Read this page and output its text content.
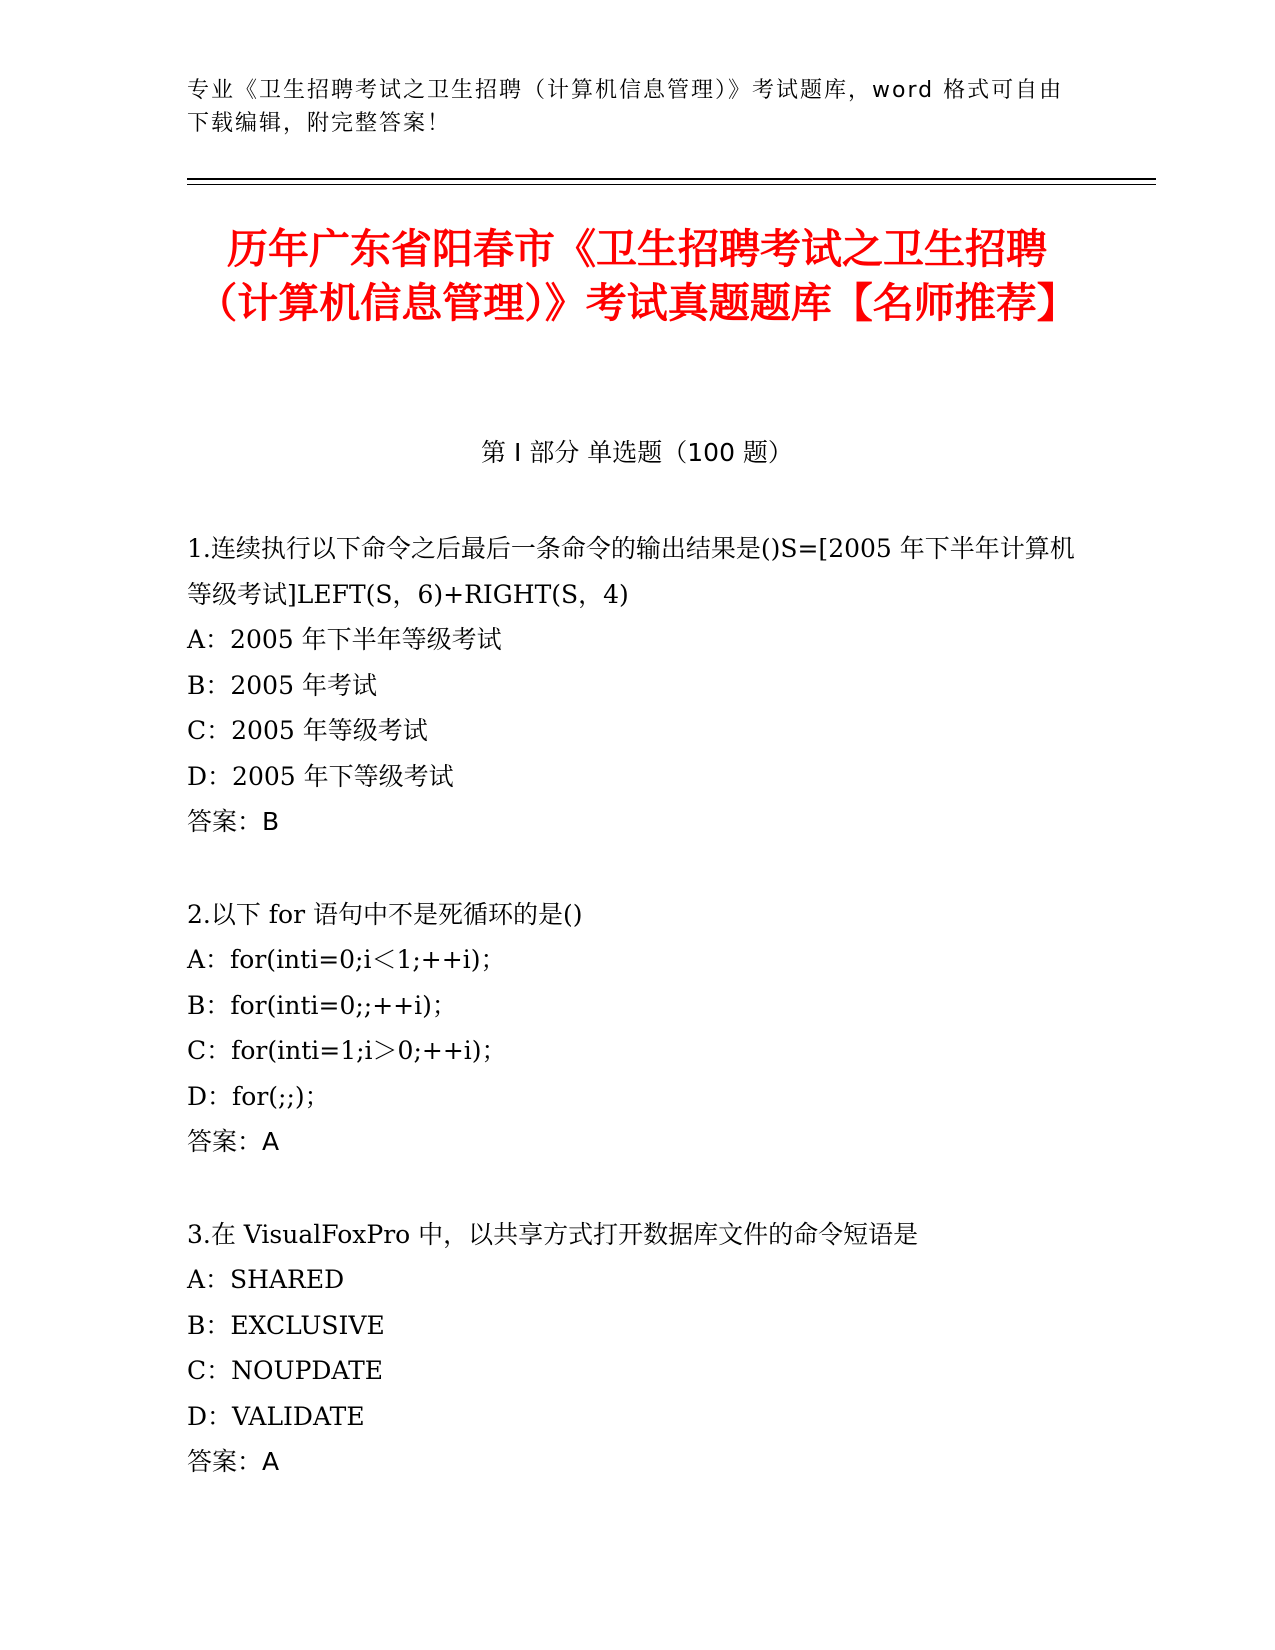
专业《卫生招聘考试之卫生招聘（计算机信息管理）》考试题库，word 格式可自由下载编辑，附完整答案！
历年广东省阳春市《卫生招聘考试之卫生招聘（计算机信息管理）》考试真题题库【名师推荐】
第 I 部分 单选题（100 题）

1.连续执行以下命令之后最后一条命令的输出结果是()S=[2005 年下半年计算机等级考试]LEFT(S，6)+RIGHT(S，4)

A：2005 年下半年等级考试

B：2005 年考试

C：2005 年等级考试

D：2005 年下等级考试

答案：B

2.以下 for 语句中不是死循环的是()

A：for(inti=0;i＜1;++i)；

B：for(inti=0;;++i)；

C：for(inti=1;i＞0;++i)；

D：for(;;)；

答案：A

3.在 VisualFoxPro 中，以共享方式打开数据库文件的命令短语是

A：SHARED

B：EXCLUSIVE

C：NOUPDATE

D：VALIDATE

答案：A
